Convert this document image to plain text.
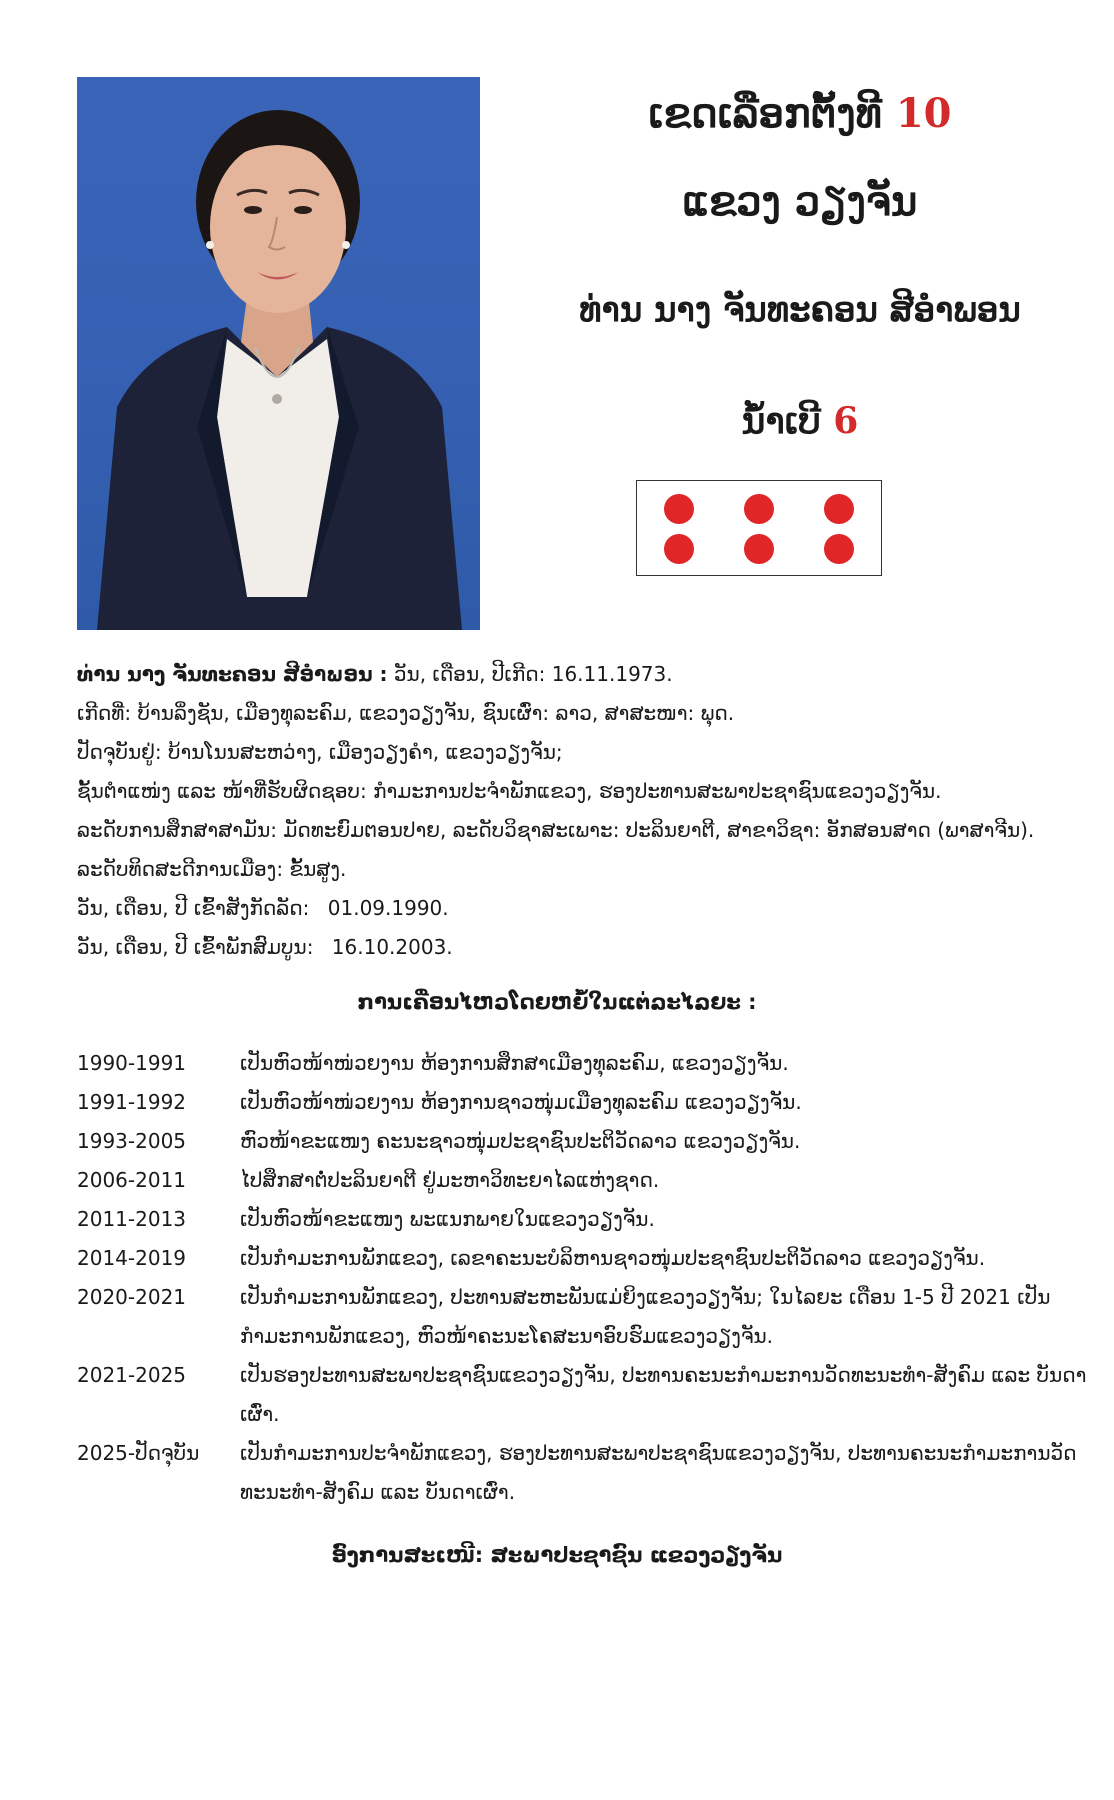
ເຂດເລືອກຕັ້ງທີ 10
ແຂວງ ວຽງຈັນ
ທ່ານ ນາງ ຈັນທະຄອນ ສີອໍາພອນ
ນໍ້າເບີ 6
ທ່ານ ນາງ ຈັນທະຄອນ ສີອໍາພອນ : ວັນ, ເດືອນ, ປີເກີດ: 16.11.1973.
ເກີດທີ່: ບ້ານລິ່ງຊັນ, ເມືອງທຸລະຄົມ, ແຂວງວຽງຈັນ, ຊົນເຜົ່າ: ລາວ, ສາສະໜາ: ພຸດ.
ປັດຈຸບັນຢູ່: ບ້ານໂນນສະຫວ່າງ, ເມືອງວຽງຄໍາ, ແຂວງວຽງຈັນ;
ຊັ້ນຕໍາແໜ່ງ ແລະ ໜ້າທີ່ຮັບຜິດຊອບ: ກໍາມະການປະຈໍາພັກແຂວງ, ຮອງປະທານສະພາປະຊາຊົນແຂວງວຽງຈັນ.
ລະດັບການສຶກສາສາມັນ: ມັດທະຍົມຕອນປາຍ, ລະດັບວິຊາສະເພາະ: ປະລິນຍາຕີ, ສາຂາວິຊາ: ອັກສອນສາດ (ພາສາຈີນ).
ລະດັບທິດສະດີການເມືອງ: ຂັ້ນສູງ.
ວັນ, ເດືອນ, ປີ ເຂົ້າສັງກັດລັດ: 01.09.1990.
ວັນ, ເດືອນ, ປີ ເຂົ້າພັກສົມບູນ: 16.10.2003.
ການເຄື່ອນໄຫວໂດຍຫຍໍ້ໃນແຕ່ລະໄລຍະ :
1990-1991	ເປັນຫົວໜ້າໜ່ວຍງານ ຫ້ອງການສຶກສາເມືອງທຸລະຄົມ, ແຂວງວຽງຈັນ.
1991-1992	ເປັນຫົວໜ້າໜ່ວຍງານ ຫ້ອງການຊາວໜຸ່ມເມືອງທຸລະຄົມ ແຂວງວຽງຈັນ.
1993-2005	ຫົວໜ້າຂະແໜງ ຄະນະຊາວໜຸ່ມປະຊາຊົນປະຕິວັດລາວ ແຂວງວຽງຈັນ.
2006-2011	ໄປສຶກສາຕໍ່ປະລິນຍາຕີ ຢູ່ມະຫາວິທະຍາໄລແຫ່ງຊາດ.
2011-2013	ເປັນຫົວໜ້າຂະແໜງ ພະແນກພາຍໃນແຂວງວຽງຈັນ.
2014-2019	ເປັນກໍາມະການພັກແຂວງ, ເລຂາຄະນະບໍລິຫານຊາວໜຸ່ມປະຊາຊົນປະຕິວັດລາວ ແຂວງວຽງຈັນ.
2020-2021	ເປັນກໍາມະການພັກແຂວງ, ປະທານສະຫະພັນແມ່ຍິງແຂວງວຽງຈັນ; ໃນໄລຍະ ເດືອນ 1-5 ປີ 2021 ເປັນກໍາມະການພັກແຂວງ, ຫົວໜ້າຄະນະໂຄສະນາອົບຮົມແຂວງວຽງຈັນ.
2021-2025	ເປັນຮອງປະທານສະພາປະຊາຊົນແຂວງວຽງຈັນ, ປະທານຄະນະກໍາມະການວັດທະນະທໍາ-ສັງຄົມ ແລະ ບັນດາເຜົ່າ.
2025-ປັດຈຸບັນ	ເປັນກໍາມະການປະຈໍາພັກແຂວງ, ຮອງປະທານສະພາປະຊາຊົນແຂວງວຽງຈັນ, ປະທານຄະນະກໍາມະການວັດທະນະທໍາ-ສັງຄົມ ແລະ ບັນດາເຜົ່າ.
ອົງການສະເໜີ: ສະພາປະຊາຊົນ ແຂວງວຽງຈັນ
